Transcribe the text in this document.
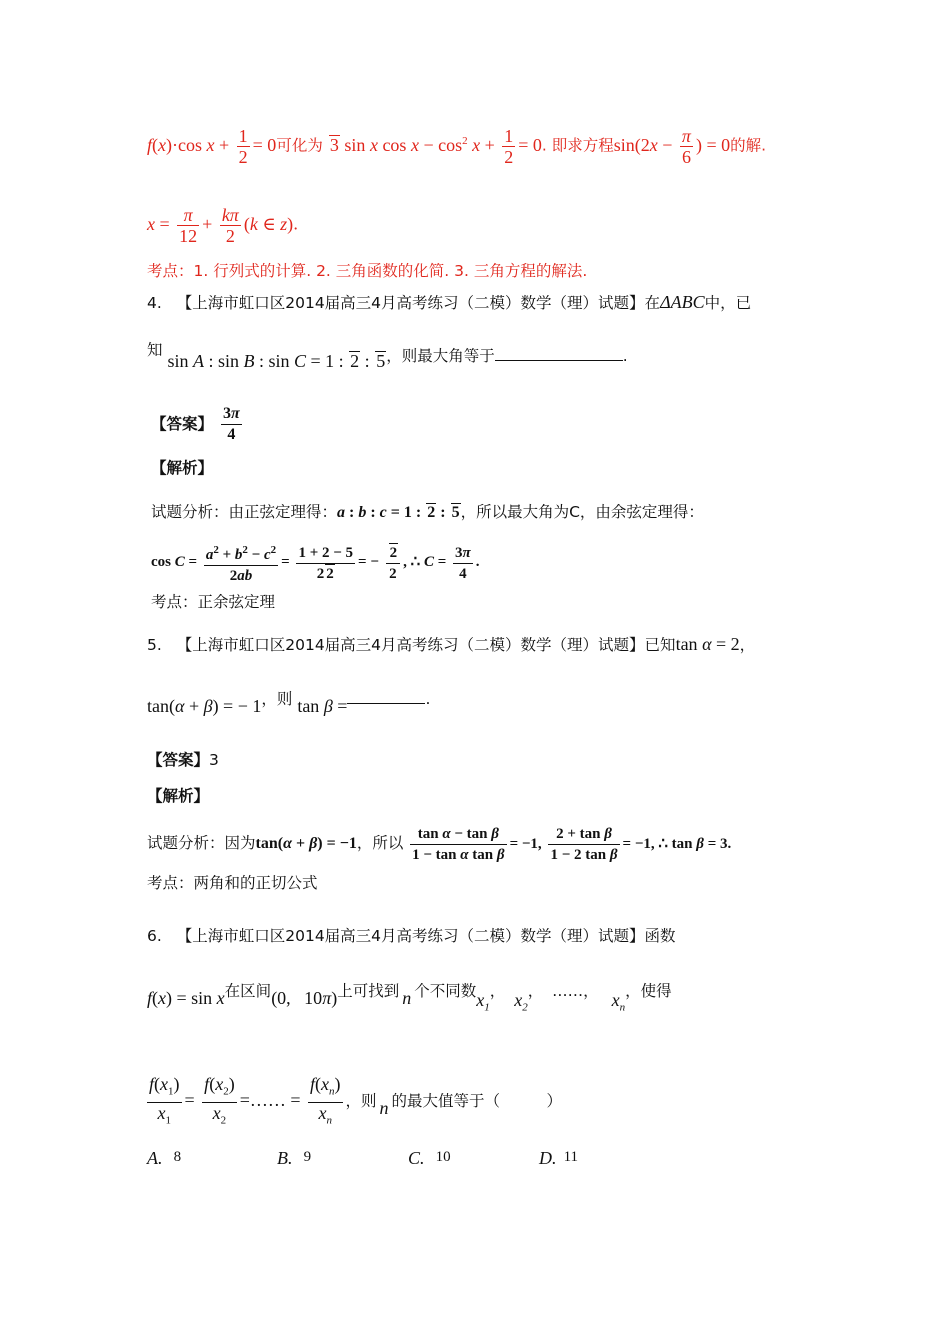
f(x)·cos $x + \frac{1}{2} = 0$可化为 3 sin x $\cos x - \cos^2 x + \frac{1}{2} = 0$. 即求方程$\sin(2x - \frac{\pi}{6}$ ) = 0的解.
$x = \frac{\pi}{12} + \frac{k\pi}{2} (k$ ∈ z).
考点：1. 行列式的计算. 2. 三角函数的化简. 3. 三角方程的解法.
4. 【上海市虹口区2014届高三4月高考练习（二模）数学（理）试题】在ΔABC中，已
知 sin A : sin B : sin C = 1 : 2 : 5，则最大角等于	.
【答案】 $\frac{3\pi}{4}$
【解析】
试题分析：由正弦定理得：a : b : c = 1 : 2 : 5，所以最大角为C，由余弦定理得：
$\cos C = \frac{a^2 + b^2 - c^2}{2ab} = \frac{1 + 2 - 5}{2 2}$ = − $\frac{2}{2}$ , ∴ $C = \frac{3\pi}{4}$ .
考点：正余弦定理
5. 【上海市虹口区2014届高三4月高考练习（二模）数学（理）试题】已知tan α = 2，
tan(α + β) = − 1，则 tan β =	.
【答案】3
【解析】
试题分析：因为tan(α + β) = −1，所以 $\frac{\text{tan α − tan β}}{\text{1 − tan α tan β}} = -1$, $\frac{\text{2 + tan β}}{\text{1 − 2 tan β}} = -1$, ∴ tan β = 3.
考点：两角和的正切公式
6. 【上海市虹口区2014届高三4月高考练习（二模）数学（理）试题】函数
f(x) = sin x在区间(0,   10π)上可找到 n 个不同数$x_1$， $x_2$， ……， $x_n$，使得
$\frac{f(x_1)}{x_1} = \frac{f(x_2)}{x_2}$ =…… = $\frac{f(x_n)}{x_n}$ ，则 n 的最大值等于（　　　）
A. 8	B. 9	C. 10	D. 11
